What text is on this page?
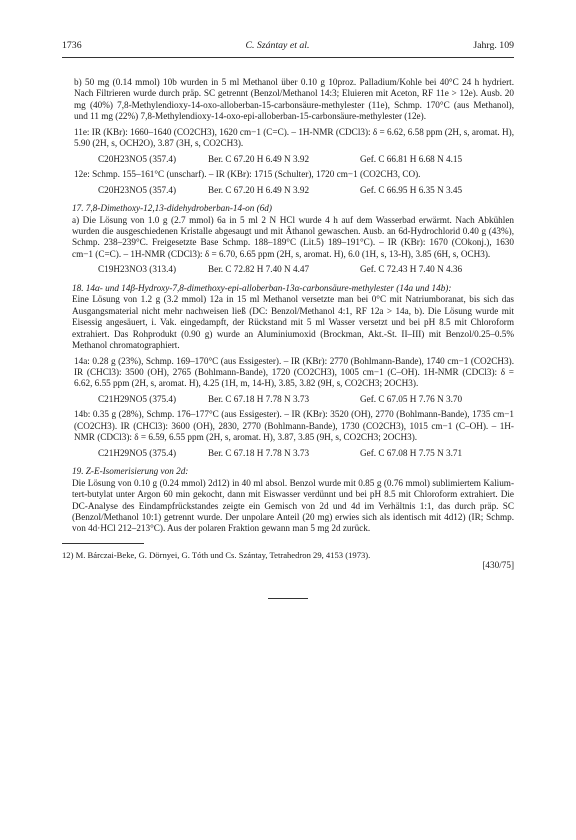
1736	C. Szántay et al.	Jahrg. 109

b) 50 mg (0.14 mmol) 10b wurden in 5 ml Methanol über 0.10 g 10proz. Palladium/Kohle bei 40°C 24 h hydriert. Nach Filtrieren wurde durch präp. SC getrennt (Benzol/Methanol 14:3; Eluieren mit Aceton, RF 11e > 12e). Ausb. 20 mg (40%) 7,8-Methylendioxy-14-oxo-alloberban-15-carbonsäure-methylester (11e), Schmp. 170°C (aus Methanol), und 11 mg (22%) 7,8-Methylendioxy-14-oxo-epi-alloberban-15-carbonsäure-methylester (12e).

11e: IR (KBr): 1660–1640 (CO2CH3), 1620 cm−1 (C=C). – 1H-NMR (CDCl3): δ = 6.62, 6.58 ppm (2H, s, aromat. H), 5.90 (2H, s, OCH2O), 3.87 (3H, s, CO2CH3).

C20H23NO5 (357.4)	Ber. C 67.20 H 6.49 N 3.92	Gef. C 66.81 H 6.68 N 4.15

12e: Schmp. 155–161°C (unscharf). – IR (KBr): 1715 (Schulter), 1720 cm−1 (CO2CH3, CO).

C20H23NO5 (357.4)	Ber. C 67.20 H 6.49 N 3.92	Gef. C 66.95 H 6.35 N 3.45

17. 7,8-Dimethoxy-12,13-didehydroberban-14-on (6d)

a) Die Lösung von 1.0 g (2.7 mmol) 6a in 5 ml 2 N HCl wurde 4 h auf dem Wasserbad erwärmt. Nach Abkühlen wurden die ausgeschiedenen Kristalle abgesaugt und mit Äthanol gewaschen. Ausb. an 6d-Hydrochlorid 0.40 g (43%), Schmp. 238–239°C. Freigesetzte Base Schmp. 188–189°C (Lit.5) 189–191°C). – IR (KBr): 1670 (COkonj.), 1630 cm−1 (C=C). – 1H-NMR (CDCl3): δ = 6.70, 6.65 ppm (2H, s, aromat. H), 6.0 (1H, s, 13-H), 3.85 (6H, s, OCH3).

C19H23NO3 (313.4)	Ber. C 72.82 H 7.40 N 4.47	Gef. C 72.43 H 7.40 N 4.36

18. 14α- und 14β-Hydroxy-7,8-dimethoxy-epi-alloberban-13α-carbonsäure-methylester (14a und 14b):

Eine Lösung von 1.2 g (3.2 mmol) 12a in 15 ml Methanol versetzte man bei 0°C mit Natriumboranat, bis sich das Ausgangsmaterial nicht mehr nachweisen ließ (DC: Benzol/Methanol 4:1, RF 12a > 14a, b). Die Lösung wurde mit Eisessig angesäuert, i. Vak. eingedampft, der Rückstand mit 5 ml Wasser versetzt und bei pH 8.5 mit Chloroform extrahiert. Das Rohprodukt (0.90 g) wurde an Aluminiumoxid (Brockman, Akt.-St. II–III) mit Benzol/0.25–0.5% Methanol chromatographiert.

14a: 0.28 g (23%), Schmp. 169–170°C (aus Essigester). – IR (KBr): 2770 (Bohlmann-Bande), 1740 cm−1 (CO2CH3). IR (CHCl3): 3500 (OH), 2765 (Bohlmann-Bande), 1720 (CO2CH3), 1005 cm−1 (C–OH). 1H-NMR (CDCl3): δ = 6.62, 6.55 ppm (2H, s, aromat. H), 4.25 (1H, m, 14-H), 3.85, 3.82 (9H, s, CO2CH3; 2OCH3).

C21H29NO5 (375.4)	Ber. C 67.18 H 7.78 N 3.73	Gef. C 67.05 H 7.76 N 3.70

14b: 0.35 g (28%), Schmp. 176–177°C (aus Essigester). – IR (KBr): 3520 (OH), 2770 (Bohlmann-Bande), 1735 cm−1 (CO2CH3). IR (CHCl3): 3600 (OH), 2830, 2770 (Bohlmann-Bande), 1730 (CO2CH3), 1015 cm−1 (C–OH). – 1H-NMR (CDCl3): δ = 6.59, 6.55 ppm (2H, s, aromat. H), 3.87, 3.85 (9H, s, CO2CH3; 2OCH3).

C21H29NO5 (375.4)	Ber. C 67.18 H 7.78 N 3.73	Gef. C 67.08 H 7.75 N 3.71

19. Z-E-Isomerisierung von 2d:

Die Lösung von 0.10 g (0.24 mmol) 2d12) in 40 ml absol. Benzol wurde mit 0.85 g (0.76 mmol) sublimiertem Kalium-tert-butylat unter Argon 60 min gekocht, dann mit Eiswasser verdünnt und bei pH 8.5 mit Chloroform extrahiert. Die DC-Analyse des Eindampfrückstandes zeigte ein Gemisch von 2d und 4d im Verhältnis 1:1, das durch präp. SC (Benzol/Methanol 10:1) getrennt wurde. Der unpolare Anteil (20 mg) erwies sich als identisch mit 4d12) (IR; Schmp. von 4d·HCl 212–213°C). Aus der polaren Fraktion gewann man 5 mg 2d zurück.

12) M. Bárczai-Beke, G. Dörnyei, G. Tóth und Cs. Szántay, Tetrahedron 29, 4153 (1973).

[430/75]
